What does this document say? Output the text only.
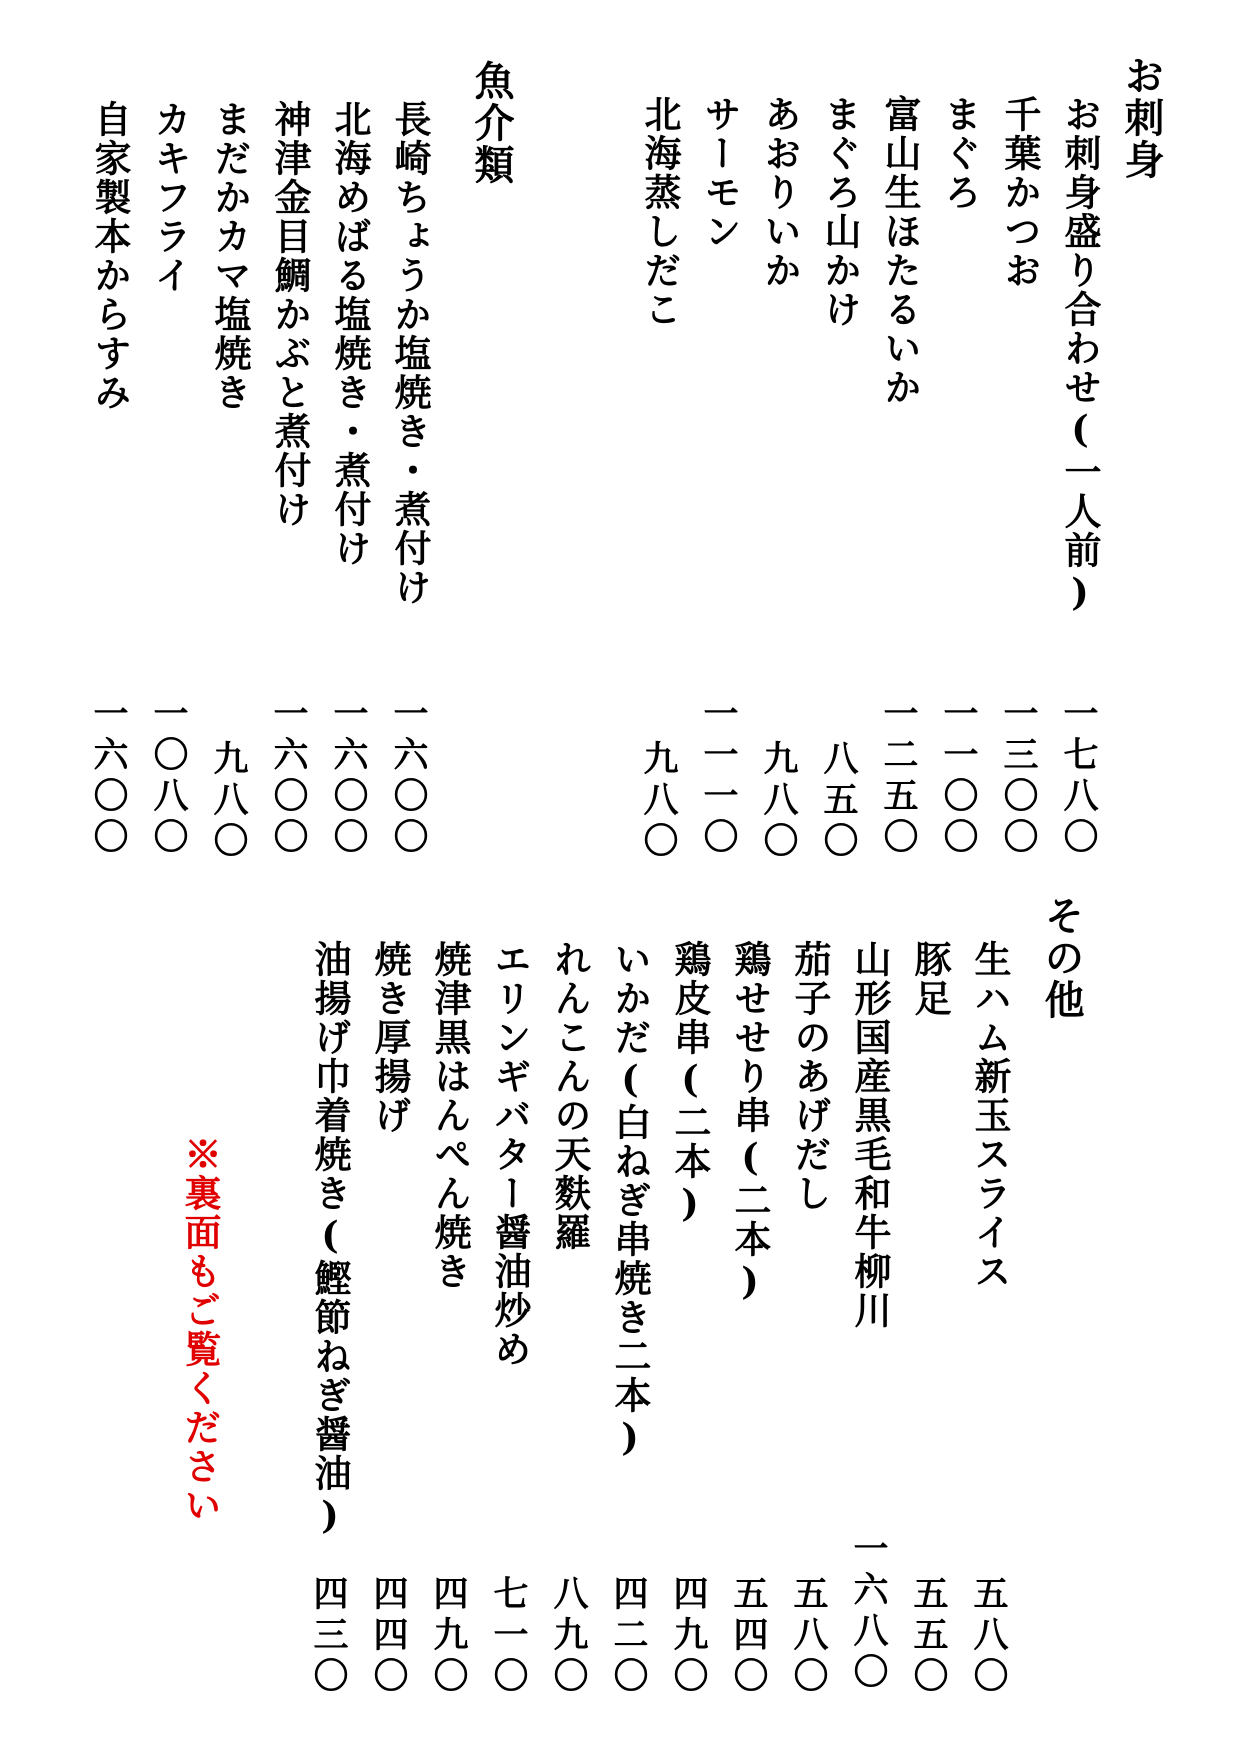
お刺身
お刺身盛り合わせ(一人前)
千葉かつお
まぐろ
富山生ほたるいか
まぐろ山かけ
あおりいか
サーモン
北海蒸しだこ
一七八〇
一三〇〇
一一〇〇
一二五〇
八五〇
九八〇
一一一〇
九八〇
魚介類
長崎ちょうか塩焼き・煮付け
北海めばる塩焼き・煮付け
神津金目鯛かぶと煮付け
まだかカマ塩焼き
カキフライ
自家製本からすみ
一六〇〇
一六〇〇
一六〇〇
九八〇
一〇八〇
一六〇〇
その他
生ハム新玉スライス
豚足
山形国産黒毛和牛柳川
茄子のあげだし
鶏せせり串(二本)
鶏皮串(二本)
いかだ(白ねぎ串焼き二本)
れんこんの天麩羅
エリンギバター醤油炒め
焼津黒はんぺん焼き
焼き厚揚げ
油揚げ巾着焼き(鰹節ねぎ醤油)
五八〇
五五〇
一六八〇
五八〇
五四〇
四九〇
四二〇
八九〇
七一〇
四九〇
四四〇
四三〇
※裏面もご覧ください
